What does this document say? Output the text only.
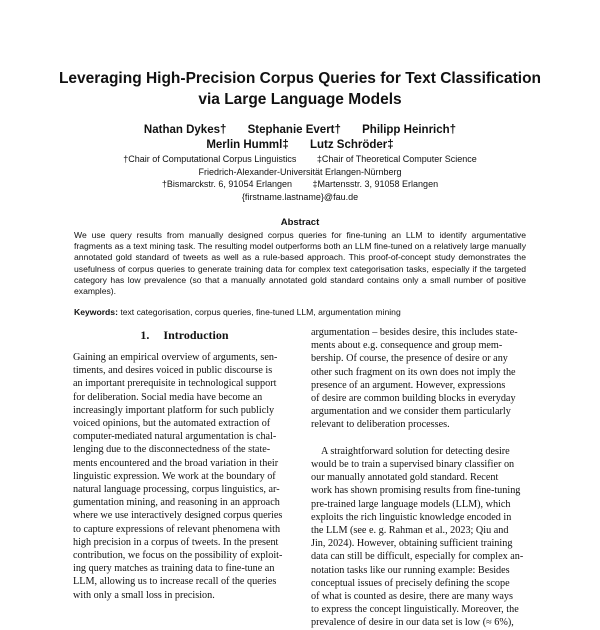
Leveraging High-Precision Corpus Queries for Text Classification
via Large Language Models
Nathan Dykes† Stephanie Evert† Philipp Heinrich†
Merlin Humml‡ Lutz Schröder‡
†Chair of Computational Corpus Linguistics ‡Chair of Theoretical Computer Science
Friedrich-Alexander-Universität Erlangen-Nürnberg
†Bismarckstr. 6, 91054 Erlangen ‡Martensstr. 3, 91058 Erlangen
{firstname.lastname}@fau.de
Abstract

We use query results from manually designed corpus queries for fine-tuning an LLM to identify argumentative fragments as a text mining task. The resulting model outperforms both an LLM fine-tuned on a relatively large manually annotated gold standard of tweets as well as a rule-based approach. This proof-of-concept study demonstrates the usefulness of corpus queries to generate training data for complex text categorisation tasks, especially if the targeted category has low prevalence (so that a manually annotated gold standard contains only a small number of positive examples).

Keywords: text categorisation, corpus queries, fine-tuned LLM, argumentation mining

1. Introduction
Gaining an empirical overview of arguments, sen-
timents, and desires voiced in public discourse is
an important prerequisite in technological support
for deliberation. Social media have become an
increasingly important platform for such publicly
voiced opinions, but the automated extraction of
computer-mediated natural argumentation is chal-
lenging due to the disconnectedness of the state-
ments encountered and the broad variation in their
linguistic expression. We work at the boundary of
natural language processing, corpus linguistics, ar-
gumentation mining, and reasoning in an approach
where we use interactively designed corpus queries
to capture expressions of relevant phenomena with
high precision in a corpus of tweets. In the present
contribution, we focus on the possibility of exploit-
ing query matches as training data to fine-tune an
LLM, allowing us to increase recall of the queries
with only a small loss in precision.
argumentation – besides desire, this includes state-
ments about e.g. consequence and group mem-
bership. Of course, the presence of desire or any
other such fragment on its own does not imply the
presence of an argument. However, expressions
of desire are common building blocks in everyday
argumentation and we consider them particularly
relevant to deliberation processes.
A straightforward solution for detecting desire
would be to train a supervised binary classifier on
our manually annotated gold standard. Recent
work has shown promising results from fine-tuning
pre-trained large language models (LLM), which
exploits the rich linguistic knowledge encoded in
the LLM (see e. g. Rahman et al., 2023; Qiu and
Jin, 2024). However, obtaining sufficient training
data can still be difficult, especially for complex an-
notation tasks like our running example: Besides
conceptual issues of precisely defining the scope
of what is counted as desire, there are many ways
to express the concept linguistically. Moreover, the
prevalence of desire in our data set is low (≈ 6%),
